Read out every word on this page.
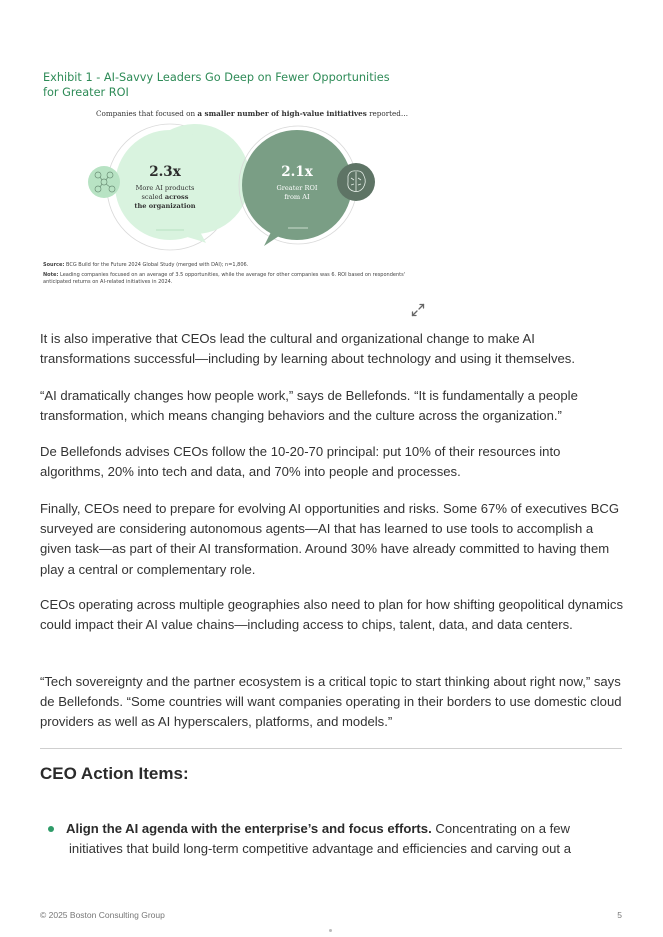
Exhibit 1 - AI-Savvy Leaders Go Deep on Fewer Opportunities for Greater ROI
Companies that focused on a smaller number of high-value initiatives reported…
2.3x
More AI products
scaled across
the organization
2.1x
Greater ROI
from AI
Source: BCG Build for the Future 2024 Global Study (merged with DAI); n=1,806.
Note: Leading companies focused on an average of 3.5 opportunities, while the average for other companies was 6. ROI based on respondents' anticipated returns on AI-related initiatives in 2024.

It is also imperative that CEOs lead the cultural and organizational change to make AI transformations successful—including by learning about technology and using it themselves.

“AI dramatically changes how people work,” says de Bellefonds. “It is fundamentally a people transformation, which means changing behaviors and the culture across the organization.”

De Bellefonds advises CEOs follow the 10-20-70 principal: put 10% of their resources into algorithms, 20% into tech and data, and 70% into people and processes.

Finally, CEOs need to prepare for evolving AI opportunities and risks. Some 67% of executives BCG surveyed are considering autonomous agents—AI that has learned to use tools to accomplish a given task—as part of their AI transformation. Around 30% have already committed to having them play a central or complementary role.

CEOs operating across multiple geographies also need to plan for how shifting geopolitical dynamics could impact their AI value chains—including access to chips, talent, data, and data centers.

“Tech sovereignty and the partner ecosystem is a critical topic to start thinking about right now,” says de Bellefonds. “Some countries will want companies operating in their borders to use domestic cloud providers as well as AI hyperscalers, platforms, and models.”

CEO Action Items:
Align the AI agenda with the enterprise’s and focus efforts. Concentrating on a few
initiatives that build long-term competitive advantage and efficiencies and carving out a
© 2025 Boston Consulting Group	5
